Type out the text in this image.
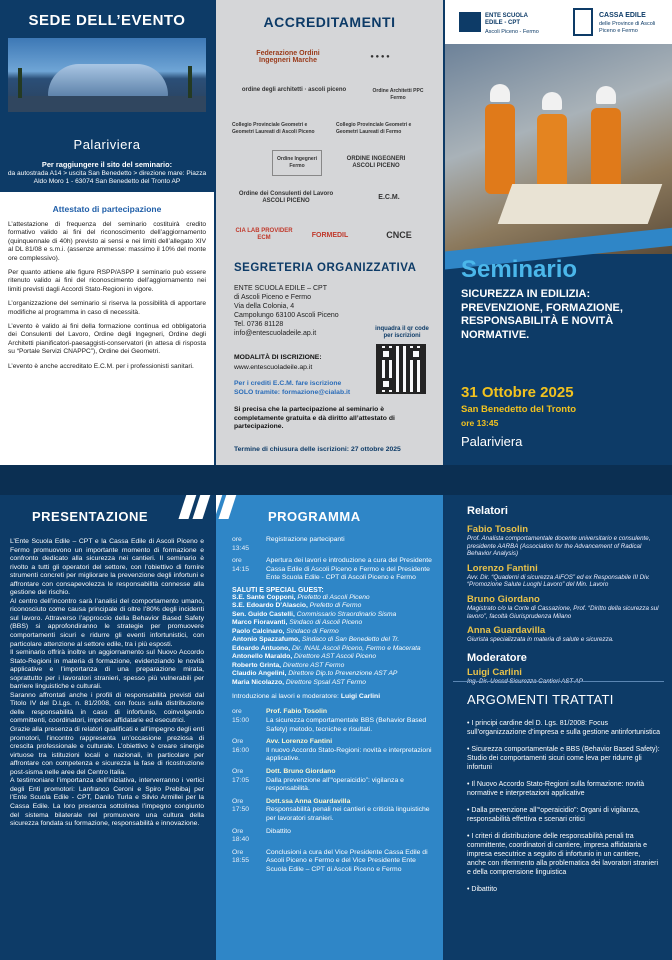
SEDE DELL’EVENTO
Palariviera
Per raggiungere il sito del seminario:
da autostrada A14 > uscita San Benedetto > direzione mare: Piazza Aldo Moro 1 - 63074 San Benedetto del Tronto AP
Attestato di partecipazione

L’attestazione di frequenza del seminario costituirà credito formativo valido ai fini del riconoscimento dell’aggiornamento (quinquennale di 40h) previsto ai sensi e nei limiti dell’allegato XIV al DL 81/08 e s.m.i. (assenze ammesse: massimo il 10% del monte ore complessivo).

Per quanto attiene alle figure RSPP/ASPP il seminario può essere ritenuto valido ai fini del riconoscimento dell’aggiornamento nei limiti previsti dagli Accordi Stato-Regioni in vigore.

L’organizzazione del seminario si riserva la possibilità di apportare modifiche al programma in caso di necessità.

L’evento è valido ai fini della formazione continua ed obbligatoria dei Consulenti del Lavoro, Ordine degli Ingegneri, Ordine degli Architetti pianificatori-paesaggisti-conservatori (in attesa di risposta su “Portale Servizi CNAPPC”), Ordine dei Geometri.

L’evento è anche accreditato E.C.M. per i professionisti sanitari.

ACCREDITAMENTI
Federazione Ordini Ingegneri Marche
● ● ● ●
ordine degli architetti · ascoli piceno	Ordine Architetti PPC Fermo
Collegio Provinciale Geometri e Geometri Laureati di Ascoli Piceno
Collegio Provinciale Geometri e Geometri Laureati di Fermo
Ordine Ingegneri Fermo
ORDINE INGEGNERI ASCOLI PICENO
Ordine dei Consulenti del Lavoro ASCOLI PICENO
E.C.M.
CIA LAB PROVIDER ECM	FORMEDIL	CNCE
SEGRETERIA ORGANIZZATIVA
ENTE SCUOLA EDILE – CPT
di Ascoli Piceno e Fermo
Via della Colonia, 4
Campolungo 63100 Ascoli Piceno
Tel. 0736 81128
info@entescuoladeile.ap.it
inquadra il qr code per iscrizioni
MODALITÀ DI ISCRIZIONE:
www.entescuoladeile.ap.it
Per i crediti E.C.M. fare iscrizione SOLO tramite: formazione@cialab.it
Si precisa che la partecipazione al seminario è completamente gratuita e dà diritto all’attestato di partecipazione.
Termine di chiusura delle iscrizioni: 27 ottobre 2025
ENTE SCUOLA EDILE - CPT
Ascoli Piceno - Fermo
CASSA EDILE
delle Province di Ascoli Piceno e Fermo
Seminario
SICUREZZA IN EDILIZIA: PREVENZIONE, FORMAZIONE, RESPONSABILITÀ E NOVITÀ NORMATIVE.
31 Ottobre 2025
San Benedetto del Tronto
ore 13:45
Palariviera
PRESENTAZIONE
L’Ente Scuola Edile – CPT e la Cassa Edile di Ascoli Piceno e Fermo promuovono un importante momento di formazione e confronto dedicato alla sicurezza nei cantieri. Il seminario è rivolto a tutti gli operatori del settore, con l’obiettivo di fornire strumenti concreti per migliorare la prevenzione degli infortuni e affrontare con consapevolezza le responsabilità connesse alla gestione del rischio.
Al centro dell’incontro sarà l’analisi del comportamento umano, riconosciuto come causa principale di oltre l’80% degli incidenti sul lavoro. Attraverso l’approccio della Behavior Based Safety (BBS) si approfondiranno le strategie per promuovere comportamenti sicuri e ridurre gli eventi infortunistici, con particolare attenzione al settore edile, tra i più esposti.
Il seminario offrirà inoltre un aggiornamento sul Nuovo Accordo Stato-Regioni in materia di formazione, evidenziando le novità applicative e l’importanza di una preparazione mirata, soprattutto per i lavoratori stranieri, spesso più vulnerabili per barriere linguistiche e culturali.
Saranno affrontati anche i profili di responsabilità previsti dal Titolo IV del D.Lgs. n. 81/2008, con focus sulla distribuzione delle responsabilità in caso di infortunio, coinvolgendo committenti, coordinatori, imprese affidatarie ed esecutrici.
Grazie alla presenza di relatori qualificati e all’impegno degli enti promotori, l’incontro rappresenta un’occasione preziosa di crescita professionale e culturale. L’obiettivo è creare sinergie virtuose tra istituzioni locali e nazionali, in particolare per affrontare con competenza e sicurezza la fase di ricostruzione post-sisma nelle aree del Centro Italia.
A testimoniare l’importanza dell’iniziativa, interverranno i vertici degli Enti promotori: Lanfranco Ceroni e Spiro Prebibaj per l’Ente Scuola Edile - CPT, Danilo Turla e Silvio Armillei per la Cassa Edile. La loro presenza sottolinea l’impegno congiunto del sistema bilaterale nel promuovere una cultura della sicurezza fondata su formazione, responsabilità e innovazione.
PROGRAMMA
ore 13:45
Registrazione partecipanti
ore 14:15
Apertura dei lavori e introduzione a cura del Presidente Cassa Edile di Ascoli Piceno e Fermo e del Presidente Ente Scuola Edile - CPT di Ascoli Piceno e Fermo
SALUTI E SPECIAL GUEST:
S.E. Sante Copponi, Prefetto di Ascoli Piceno
S.E. Edoardo D’Alascio, Prefetto di Fermo
Sen. Guido Castelli, Commissario Straordinario Sisma
Marco Fioravanti, Sindaco di Ascoli Piceno
Paolo Calcinaro, Sindaco di Fermo
Antonio Spazzafumo, Sindaco di San Benedetto del Tr.
Edoardo Antuono, Dir. INAIL Ascoli Piceno, Fermo e Macerata
Antonello Maraldo, Direttore AST Ascoli Piceno
Roberto Grinta, Direttore AST Fermo
Claudio Angelini, Direttore Dip.to Prevenzione AST AP
Maria Nicolazzo, Direttore Spsal AST Fermo
Introduzione ai lavori e moderatore: Luigi Carlini
ore 15:00
Prof. Fabio Tosolin
La sicurezza comportamentale BBS (Behavior Based Safety) metodo, tecniche e risultati.
Ore 16:00
Avv. Lorenzo Fantini
Il nuovo Accordo Stato-Regioni: novità e interpretazioni applicative.
Ore 17:05
Dott. Bruno Giordano
Dalla prevenzione all’“operaicidio”: vigilanza e responsabilità.
Ore 17:50
Dott.ssa Anna Guardavilla
Responsabilità penali nei cantieri e criticità linguistiche per lavoratori stranieri.
Ore 18:40
Dibattito
Ore 18:55
Conclusioni a cura del Vice Presidente Cassa Edile di Ascoli Piceno e Fermo e del Vice Presidente Ente Scuola Edile – CPT di Ascoli Piceno e Fermo
Relatori
Fabio Tosolin
Prof. Analista comportamentale docente universitario e consulente, presidente AARBA (Association for the Advancement of Radical Behavior Analysis)
Lorenzo Fantini
Avv. Dir. “Quaderni di sicurezza AiFOS” ed ex Responsabile III Div. “Promozione Salute Luoghi Lavoro” del Min. Lavoro
Bruno Giordano
Magistrato c/o la Corte di Cassazione, Prof. “Diritto della sicurezza sul lavoro”, facoltà Giurisprudenza Milano
Anna Guardavilla
Giurista specializzata in materia di salute e sicurezza.
Moderatore
Luigi Carlini
Ing. Dir. Uossd Sicurezza Cantieri AST AP
ARGOMENTI TRATTATI
• I principi cardine del D. Lgs. 81/2008: Focus sull’organizzazione d’impresa e sulla gestione antinfortunistica
• Sicurezza comportamentale e BBS (Behavior Based Safety): Studio dei comportamenti sicuri come leva per ridurre gli infortuni
• Il Nuovo Accordo Stato-Regioni sulla formazione: novità normative e interpretazioni applicative
• Dalla prevenzione all’“operaicidio”: Organi di vigilanza, responsabilità effettiva e scenari critici
• I criteri di distribuzione delle responsabilità penali tra committente, coordinatori di cantiere, impresa affidataria e impresa esecutrice a seguito di infortunio in un cantiere, anche con riferimento alla problematica dei lavoratori stranieri e della comprensione linguistica
• Dibattito
